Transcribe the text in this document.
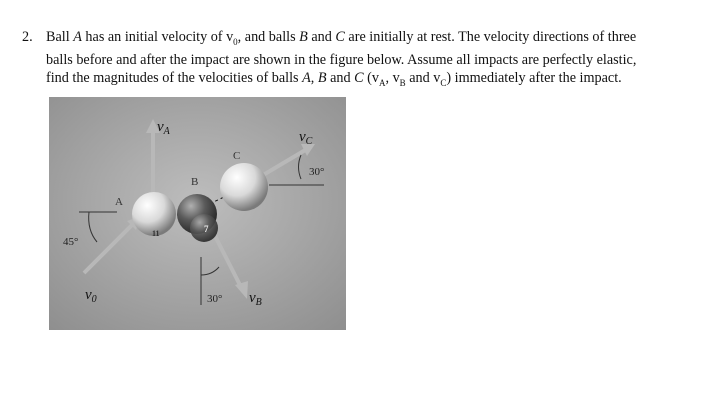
2. Ball A has an initial velocity of $v_0$, and balls B and C are initially at rest. The velocity directions of three
balls before and after the impact are shown in the figure below. Assume all impacts are perfectly elastic,
find the magnitudes of the velocities of balls A, B and C ($v_A$, $v_B$ and $v_C$) immediately after the impact.
11	7
$v_A$	$v_C$
$v_B$
$v_0$
A
B
C
45°
30°
30°
